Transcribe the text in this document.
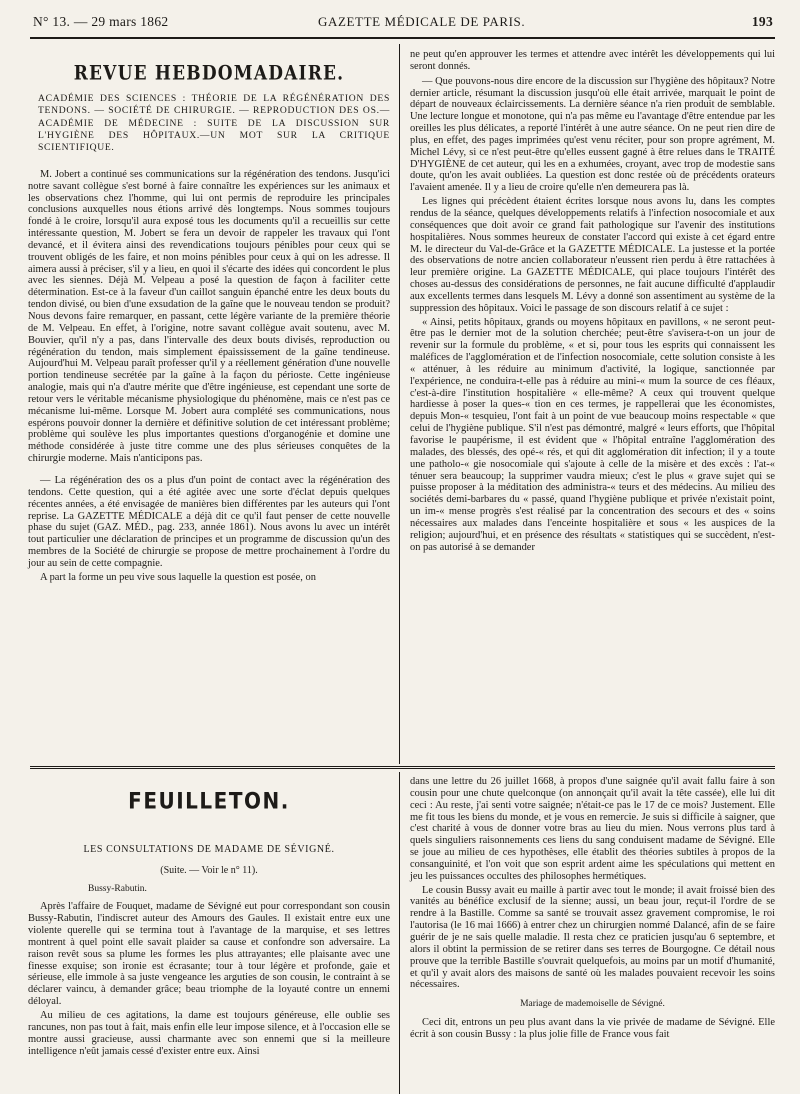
N° 13. — 29 mars 1862	GAZETTE MÉDICALE DE PARIS.	193
REVUE HEBDOMADAIRE.
ACADÉMIE DES SCIENCES : THÉORIE DE LA RÉGÉNÉRATION DES TENDONS. — SOCIÉTÉ DE CHIRURGIE. — REPRODUCTION DES OS.—ACADÉMIE DE MÉDECINE : SUITE DE LA DISCUSSION SUR L'HYGIÈNE DES HÔPITAUX.—UN MOT SUR LA CRITIQUE SCIENTIFIQUE.

M. Jobert a continué ses communications sur la régénération des tendons. Jusqu'ici notre savant collègue s'est borné à faire connaître les expériences sur les animaux et les observations chez l'homme, qui lui ont permis de reproduire les principales conclusions auxquelles nous étions arrivé dès longtemps. Nous sommes toujours fondé à le croire, lorsqu'il aura exposé tous les documents qu'il a recueillis sur cette intéressante question, M. Jobert se fera un devoir de rappeler les travaux qui l'ont devancé, et il évitera ainsi des revendications toujours pénibles pour ceux qui se trouvent obligés de les faire, et non moins pénibles pour ceux à qui on les adresse. Il aimera aussi à préciser, s'il y a lieu, en quoi il s'écarte des idées qui concordent le plus avec les siennes. Déjà M. Velpeau a posé la question de façon à faciliter cette détermination. Est-ce à la faveur d'un caillot sanguin épanché entre les deux bouts du tendon divisé, ou bien d'une exsudation de la gaîne que le nouveau tendon se produit? Nous devons faire remarquer, en passant, cette légère variante de la première théorie de M. Velpeau. En effet, à l'origine, notre savant collègue avait soutenu, avec M. Bouvier, qu'il n'y a pas, dans l'intervalle des deux bouts divisés, reproduction ou régénération du tendon, mais simplement épaississement de la gaîne tendineuse. Aujourd'hui M. Velpeau paraît professer qu'il y a réellement génération d'une nouvelle portion tendineuse secrétée par la gaîne à la façon du périoste. Cette ingénieuse analogie, mais qui n'a d'autre mérite que d'être ingénieuse, est cependant une sorte de retour vers le véritable mécanisme physiologique du phénomène, mais ce n'est pas ce mécanisme lui-même. Lorsque M. Jobert aura complété ses communications, nous espérons pouvoir donner la dernière et définitive solution de cet intéressant problème; problème qui soulève les plus importantes questions d'organogénie et domine une méthode considérée à juste titre comme une des plus sérieuses conquêtes de la chirurgie moderne. Mais n'anticipons pas.

— La régénération des os a plus d'un point de contact avec la régénération des tendons. Cette question, qui a été agitée avec une sorte d'éclat depuis quelques récentes années, a été envisagée de manières bien différentes par les auteurs qui l'ont reprise. La GAZETTE MÉDICALE a déjà dit ce qu'il faut penser de cette nouvelle phase du sujet (GAZ. MÉD., pag. 233, année 1861). Nous avons lu avec un intérêt tout particulier une déclaration de principes et un programme de discussion qu'un des membres de la Société de chirurgie se propose de mettre prochainement à l'ordre du jour au sein de cette compagnie.

A part la forme un peu vive sous laquelle la question est posée, on

ne peut qu'en approuver les termes et attendre avec intérêt les développements qui lui seront donnés.

— Que pouvons-nous dire encore de la discussion sur l'hygiène des hôpitaux? Notre dernier article, résumant la discussion jusqu'où elle était arrivée, marquait le point de départ de nouveaux éclaircissements. La dernière séance n'a rien produit de semblable. Une lecture longue et monotone, qui n'a pas même eu l'avantage d'être entendue par les oreilles les plus délicates, a reporté l'intérêt à une autre séance. On ne peut rien dire de plus, en effet, des pages imprimées qu'est venu réciter, pour son propre agrément, M. Michel Lévy, si ce n'est peut-être qu'elles eussent gagné à être relues dans le TRAITÉ D'HYGIÈNE de cet auteur, qui les en a exhumées, croyant, avec trop de modestie sans doute, qu'on les avait oubliées. La question est donc restée où de précédents orateurs l'avaient amenée. Il y a lieu de croire qu'elle n'en demeurera pas là.

Les lignes qui précèdent étaient écrites lorsque nous avons lu, dans les comptes rendus de la séance, quelques développements relatifs à l'infection nosocomiale et aux conséquences que doit avoir ce grand fait pathologique sur l'avenir des institutions hospitalières. Nous sommes heureux de constater l'accord qui existe à cet égard entre M. le directeur du Val-de-Grâce et la GAZETTE MÉDICALE. La justesse et la portée des observations de notre ancien collaborateur n'eussent rien perdu à être rattachées à leur première origine. La GAZETTE MÉDICALE, qui place toujours l'intérêt des choses au-dessus des considérations de personnes, ne fait aucune difficulté d'applaudir aux excellents termes dans lesquels M. Lévy a donné son assentiment au système de la suppression des hôpitaux. Voici le passage de son discours relatif à ce sujet :

« Ainsi, petits hôpitaux, grands ou moyens hôpitaux en pavillons, « ne seront peut-être pas le dernier mot de la solution cherchée; peut-être s'avisera-t-on un jour de revenir sur la formule du problème, « et si, pour tous les esprits qui connaissent les maléfices de l'agglomération et de l'infection nosocomiale, cette solution consiste à les « atténuer, à les réduire au minimum d'activité, la logique, sanctionnée par l'expérience, ne conduira-t-elle pas à réduire au mini-« mum la source de ces fléaux, c'est-à-dire l'institution hospitalière « elle-même? A ceux qui trouvent quelque hardiesse à poser la ques-« tion en ces termes, je rappellerai que les économistes, depuis Mon-« tesquieu, l'ont fait à un point de vue beaucoup moins respectable « que celui de l'hygiène publique. S'il n'est pas démontré, malgré « leurs efforts, que l'hôpital favorise le paupérisme, il est évident que « l'hôpital entraîne l'agglomération des malades, des blessés, des opé-« rés, et qui dit agglomération dit infection; il y a toute une patholo-« gie nosocomiale qui s'ajoute à celle de la misère et des excès : l'at-« ténuer sera beaucoup; la supprimer vaudra mieux; c'est le plus « grave sujet qui se puisse proposer à la méditation des administra-« teurs et des médecins. Au milieu des sociétés demi-barbares du « passé, quand l'hygiène publique et privée n'existait point, un im-« mense progrès s'est réalisé par la concentration des secours et des « soins nécessaires aux malades dans l'enceinte hospitalière et sous « les auspices de la religion; aujourd'hui, et en présence des résultats « statistiques qui se succèdent, n'est-on pas autorisé à se demander

FEUILLETON.
LES CONSULTATIONS DE MADAME DE SÉVIGNÉ.
(Suite. — Voir le n° 11).
Bussy-Rabutin.

Après l'affaire de Fouquet, madame de Sévigné eut pour correspondant son cousin Bussy-Rabutin, l'indiscret auteur des Amours des Gaules. Il existait entre eux une violente querelle qui se termina tout à l'avantage de la marquise, et ses lettres montrent à quel point elle savait plaider sa cause et confondre son adversaire. La raison revêt sous sa plume les formes les plus attrayantes; elle plaisante avec une finesse exquise; son ironie est écrasante; tour à tour légère et profonde, gaie et sérieuse, elle immole à sa juste vengeance les arguties de son cousin, le contraint à se déclarer vaincu, à demander grâce; beau triomphe de la loyauté contre un ennemi déloyal.

Au milieu de ces agitations, la dame est toujours généreuse, elle oublie ses rancunes, non pas tout à fait, mais enfin elle leur impose silence, et à l'occasion elle se montre aussi gracieuse, aussi charmante avec son ennemi que si la meilleure intelligence n'eût jamais cessé d'exister entre eux. Ainsi

dans une lettre du 26 juillet 1668, à propos d'une saignée qu'il avait fallu faire à son cousin pour une chute quelconque (on annonçait qu'il avait la tête cassée), elle lui dit ceci : Au reste, j'ai senti votre saignée; n'était-ce pas le 17 de ce mois? Justement. Elle me fit tous les biens du monde, et je vous en remercie. Je suis si difficile à saigner, que c'est charité à vous de donner votre bras au lieu du mien. Nous verrons plus tard à quels singuliers raisonnements ces liens du sang conduisent madame de Sévigné. Elle se joue au milieu de ces hypothèses, elle établit des théories subtiles à propos de la consanguinité, et l'on voit que son esprit ardent aime les spéculations qui mettent en jeu les puissances occultes des philosophes hermétiques.

Le cousin Bussy avait eu maille à partir avec tout le monde; il avait froissé bien des vanités au bénéfice exclusif de la sienne; aussi, un beau jour, reçut-il l'ordre de se rendre à la Bastille. Comme sa santé se trouvait assez gravement compromise, le roi l'autorisa (le 16 mai 1666) à entrer chez un chirurgien nommé Dalancé, afin de se faire guérir de je ne sais quelle maladie. Il resta chez ce praticien jusqu'au 6 septembre, et alors il obtint la permission de se retirer dans ses terres de Bourgogne. Ce détail nous prouve que la terrible Bastille s'ouvrait quelquefois, au moins par un motif d'humanité, et qu'il y avait alors des maisons de santé où les malades pouvaient recevoir les soins nécessaires.

Mariage de mademoiselle de Sévigné.

Ceci dit, entrons un peu plus avant dans la vie privée de madame de Sévigné. Elle écrit à son cousin Bussy : la plus jolie fille de France vous fait
